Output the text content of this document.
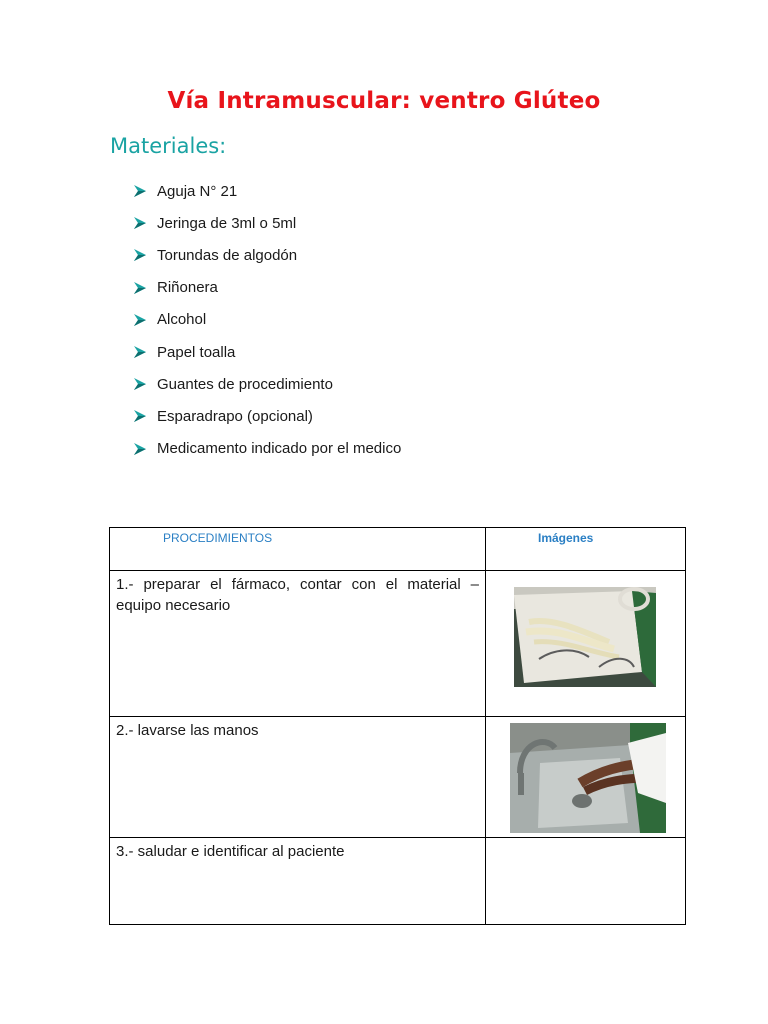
Vía Intramuscular: ventro Glúteo
Materiales:
Aguja N° 21
Jeringa de 3ml o 5ml
Torundas de algodón
Riñonera
Alcohol
Papel toalla
Guantes de procedimiento
Esparadrapo (opcional)
Medicamento indicado por el medico
PROCEDIMIENTOS	Imágenes

1.- preparar el fármaco, contar con el material – equipo necesario	

2.- lavarse las manos	

3.- saludar e identificar al paciente	
